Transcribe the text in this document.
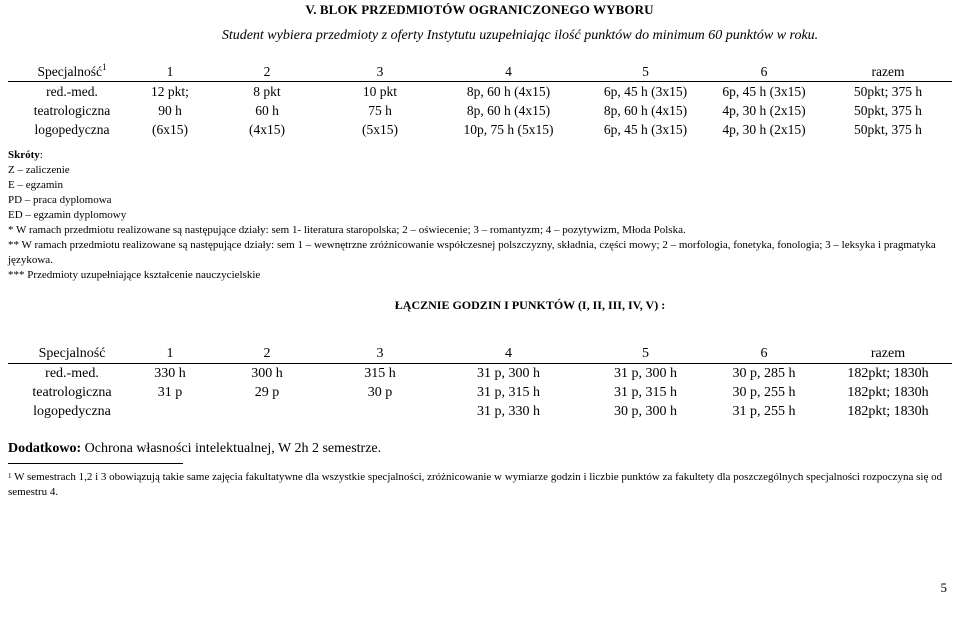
V. BLOK PRZEDMIOTÓW OGRANICZONEGO WYBORU
Student wybiera przedmioty z oferty Instytutu uzupełniając ilość punktów do minimum 60 punktów w roku.
Specjalność$^1$	1	2	3	4	5	6	razem
red.-med.	12 pkt;	8 pkt	10 pkt	8p, 60 h (4x15)	6p, 45 h (3x15)	6p, 45 h (3x15)	50pkt; 375 h
teatrologiczna	90 h	60 h	75 h	8p, 60 h (4x15)	8p, 60 h (4x15)	4p, 30 h (2x15)	50pkt, 375 h
logopedyczna	(6x15)	(4x15)	(5x15)	10p, 75 h (5x15)	6p, 45 h (3x15)	4p, 30 h (2x15)	50pkt, 375 h
Skróty:
Z – zaliczenie
E – egzamin
PD – praca dyplomowa
ED – egzamin dyplomowy
* W ramach przedmiotu realizowane są następujące działy: sem 1- literatura staropolska; 2 – oświecenie; 3 – romantyzm; 4 – pozytywizm, Młoda Polska.
** W ramach przedmiotu realizowane są następujące działy: sem 1 – wewnętrzne zróżnicowanie współczesnej polszczyzny, składnia, części mowy; 2 – morfologia, fonetyka, fonologia; 3 – leksyka i pragmatyka językowa.
*** Przedmioty uzupełniające kształcenie nauczycielskie
ŁĄCZNIE GODZIN I PUNKTÓW (I, II, III, IV, V) :
Specjalność	1	2	3	4	5	6	razem
red.-med.	330 h	300 h	315 h	31 p, 300 h	31 p, 300 h	30 p, 285 h	182pkt; 1830h
teatrologiczna	31 p	29 p	30 p	31 p, 315 h	31 p, 315 h	30 p, 255 h	182pkt; 1830h
logopedyczna				31 p, 330 h	30 p, 300 h	31 p, 255 h	182pkt; 1830h
Dodatkowo: Ochrona własności intelektualnej, W 2h 2 semestrze.
$^1$ W semestrach 1,2 i 3 obowiązują takie same zajęcia fakultatywne dla wszystkie specjalności, zróżnicowanie w wymiarze godzin i liczbie punktów za fakultety dla poszczególnych specjalności rozpoczyna się od semestru 4.
5
